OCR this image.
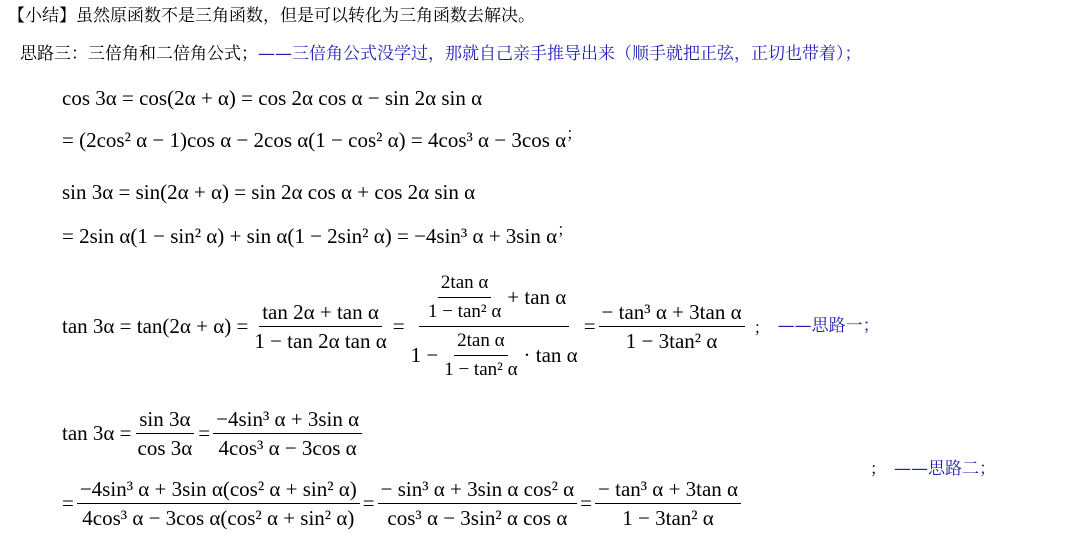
【小结】虽然原函数不是三角函数，但是可以转化为三角函数去解决。
思路三：三倍角和二倍角公式；——三倍角公式没学过，那就自己亲手推导出来（顺手就把正弦，正切也带着）；
cos 3α = cos(2α + α) = cos 2α cos α − sin 2α sin α
= (2cos² α − 1)cos α − 2cos α(1 − cos² α) = 4cos³ α − 3cos α；
sin 3α = sin(2α + α) = sin 2α cos α + cos 2α sin α
= 2sin α(1 − sin² α) + sin α(1 − 2sin² α) = −4sin³ α + 3sin α；
$\tan 3\alpha = \tan(2\alpha + \alpha) = \frac{\text{tan 2α + tan α}}{\text{1 − tan 2α tan α}}$ =
$\frac{\text{2tan α}}{\text{1 − tan² α}} + \tan \alpha$
$1 - \frac{\text{2tan α}}{\text{1 − tan² α}} \cdot \tan \alpha$
= $\frac{\text{− tan³ α + 3tan α}}{\text{1 − 3tan² α}}$ ； ——思路一；
$\tan 3\alpha = \frac{\sin 3\alpha}{\cos 3\alpha} = \frac{\text{−4sin³ α + 3sin α}}{\text{4cos³ α − 3cos α}}$
= $\frac{\text{−4sin³ α + 3sin α(cos² α + sin² α)}}{\text{4cos³ α − 3cos α(cos² α + sin² α)}} = \frac{\text{− sin³ α + 3sin α cos² α}}{\text{cos³ α − 3sin² α cos α}} = \frac{\text{− tan³ α + 3tan α}}{\text{1 − 3tan² α}}$
； ——思路二；
